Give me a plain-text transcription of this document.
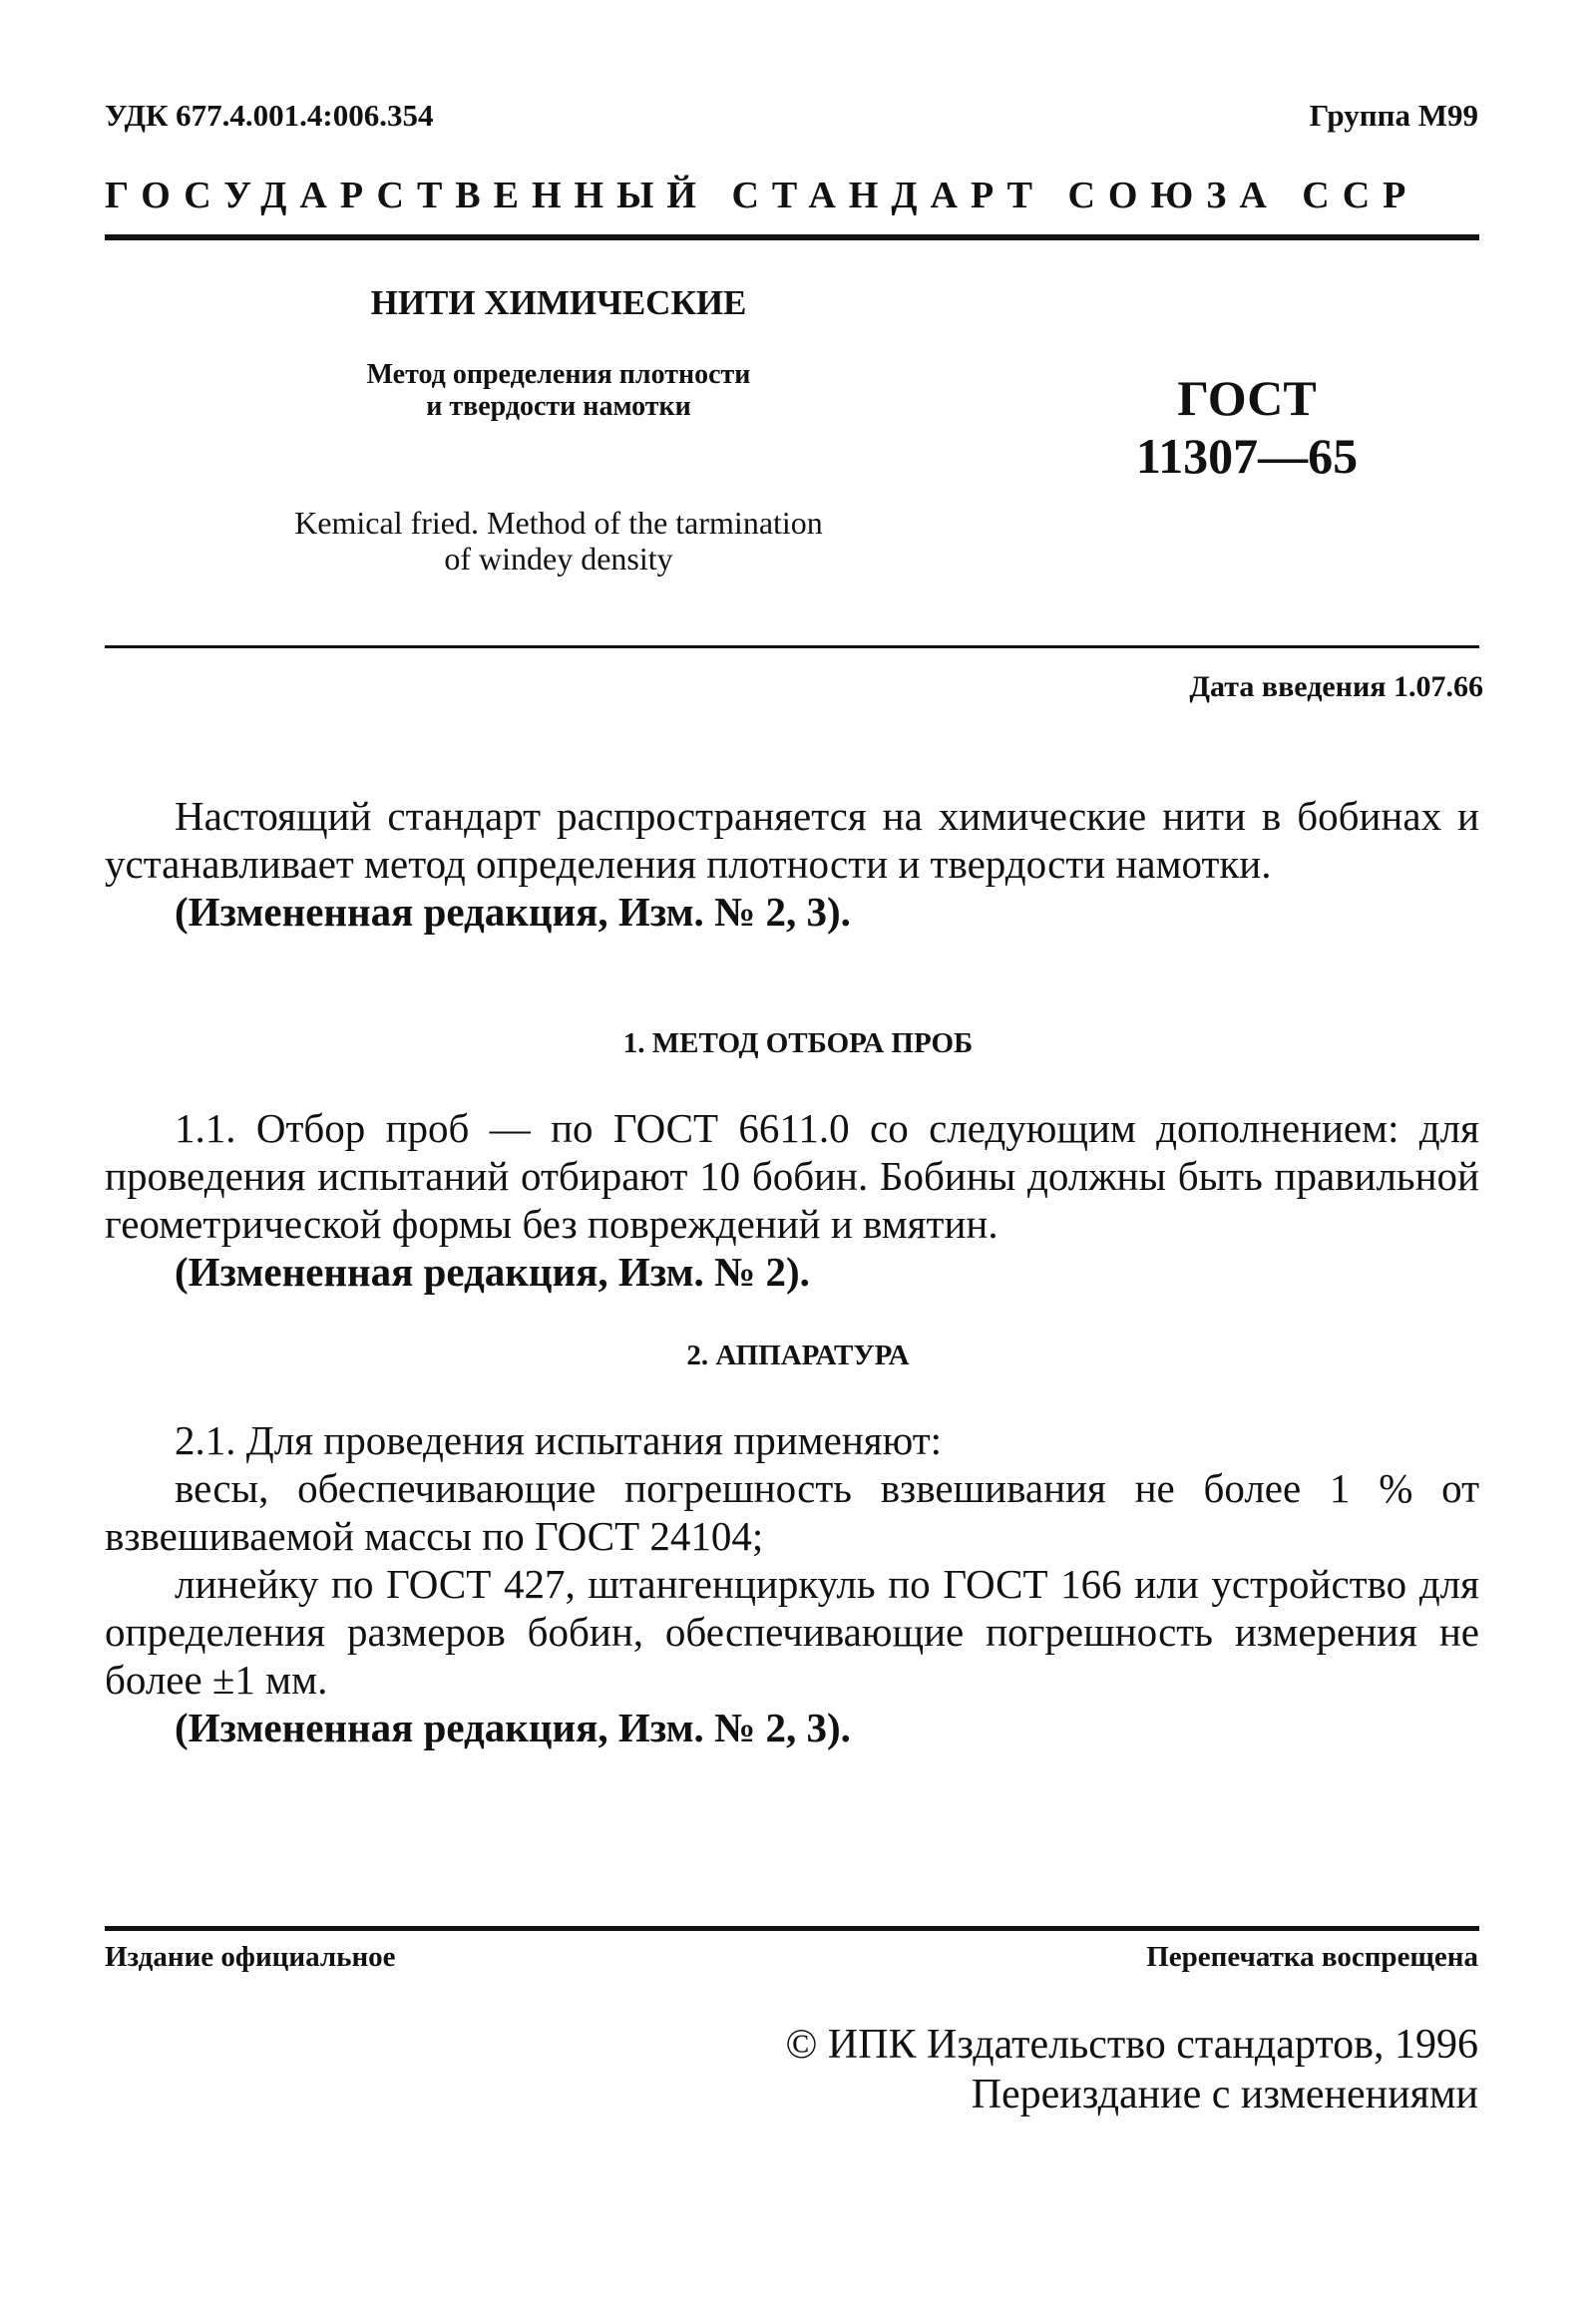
УДК 677.4.001.4:006.354	Группа М99
ГОСУДАРСТВЕННЫЙ СТАНДАРТ СОЮЗА ССР
НИТИ ХИМИЧЕСКИЕ
Метод определения плотности
и твердости намотки
Kemical fried. Method of the tarmination
of windey density
ГОСТ
11307—65
Дата введения 1.07.66

Настоящий стандарт распространяется на химические нити в бобинах и устанавливает метод определения плотности и твердости намотки.

(Измененная редакция, Изм. № 2, 3).

1. МЕТОД ОТБОРА ПРОБ

1.1. Отбор проб — по ГОСТ 6611.0 со следующим дополнением: для проведения испытаний отбирают 10 бобин. Бобины должны быть правильной геометрической формы без повреждений и вмятин.

(Измененная редакция, Изм. № 2).

2. АППАРАТУРА

2.1. Для проведения испытания применяют:

весы, обеспечивающие погрешность взвешивания не более 1 % от взвешиваемой массы по ГОСТ 24104;

линейку по ГОСТ 427, штангенциркуль по ГОСТ 166 или устройство для определения размеров бобин, обеспечивающие погрешность измерения не более ±1 мм.

(Измененная редакция, Изм. № 2, 3).

Издание официальное	Перепечатка воспрещена
© ИПК Издательство стандартов, 1996
Переиздание с изменениями
